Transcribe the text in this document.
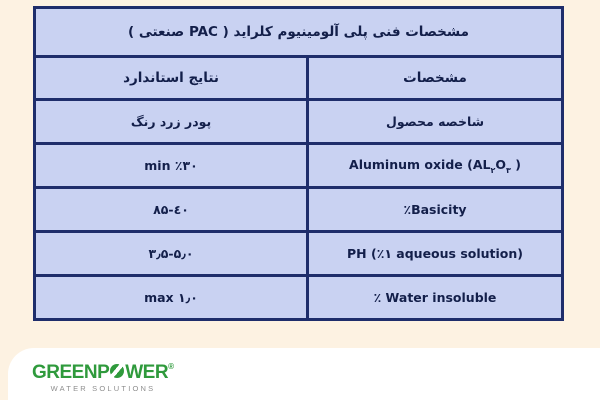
مشخصات فنی پلی آلومینیوم کلراید ( PAC صنعتی )	
نتایج استاندارد	مشخصات
پودر زرد رنگ	شاخصه محصول
min ٪۳۰	Aluminum oxide ($AL_۲O_۳$ )
۸۵-٤۰	٪Basicity
۳٫۵-۵٫۰	PH (٪۱ aqueous solution)
max ۱٫۰	٪ Water insoluble
GREENP WER®
WATER SOLUTIONS
